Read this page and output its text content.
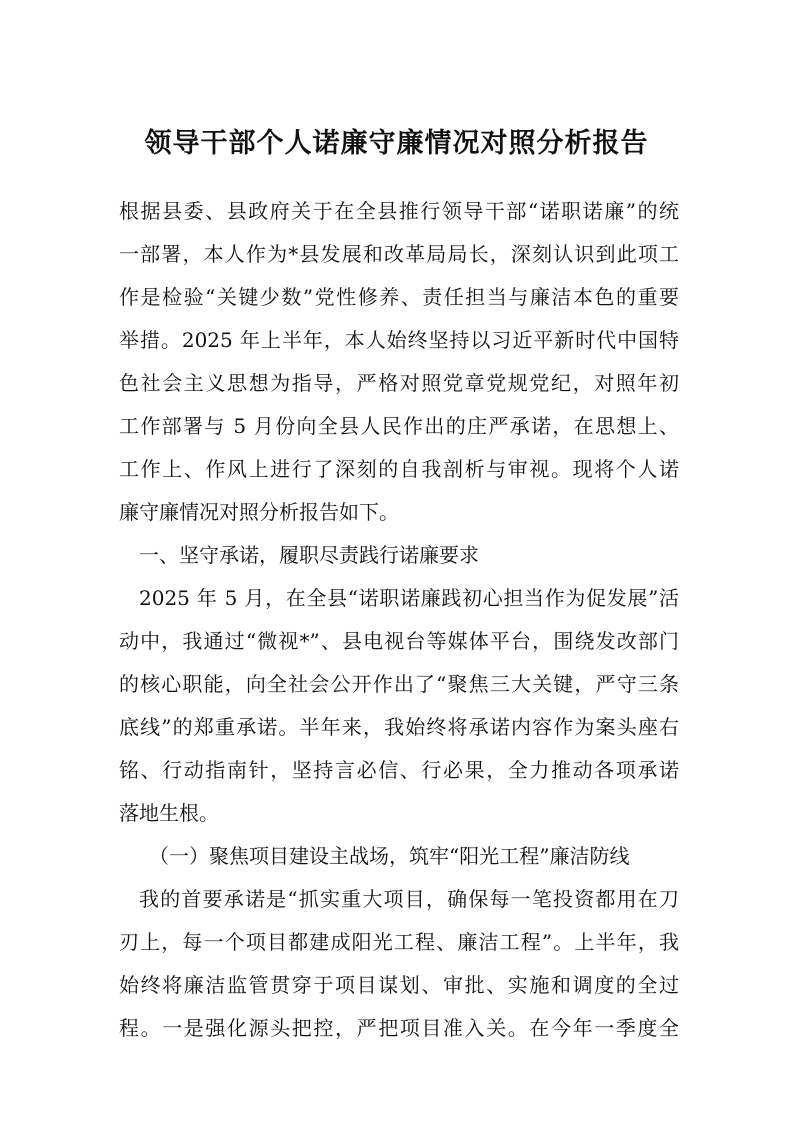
领导干部个人诺廉守廉情况对照分析报告
根据县委、县政府关于在全县推行领导干部“诺职诺廉”的统
一部署，本人作为*县发展和改革局局长，深刻认识到此项工
作是检验“关键少数”党性修养、责任担当与廉洁本色的重要
举措。2025 年上半年，本人始终坚持以习近平新时代中国特
色社会主义思想为指导，严格对照党章党规党纪，对照年初
工作部署与 5 月份向全县人民作出的庄严承诺，在思想上、
工作上、作风上进行了深刻的自我剖析与审视。现将个人诺
廉守廉情况对照分析报告如下。
一、坚守承诺，履职尽责践行诺廉要求
2025 年 5 月，在全县“诺职诺廉践初心担当作为促发展”活
动中，我通过“微视*”、县电视台等媒体平台，围绕发改部门
的核心职能，向全社会公开作出了“聚焦三大关键，严守三条
底线”的郑重承诺。半年来，我始终将承诺内容作为案头座右
铭、行动指南针，坚持言必信、行必果，全力推动各项承诺
落地生根。
（一）聚焦项目建设主战场，筑牢“阳光工程”廉洁防线
我的首要承诺是“抓实重大项目，确保每一笔投资都用在刀
刃上，每一个项目都建成阳光工程、廉洁工程”。上半年，我
始终将廉洁监管贯穿于项目谋划、审批、实施和调度的全过
程。一是强化源头把控，严把项目准入关。在今年一季度全
